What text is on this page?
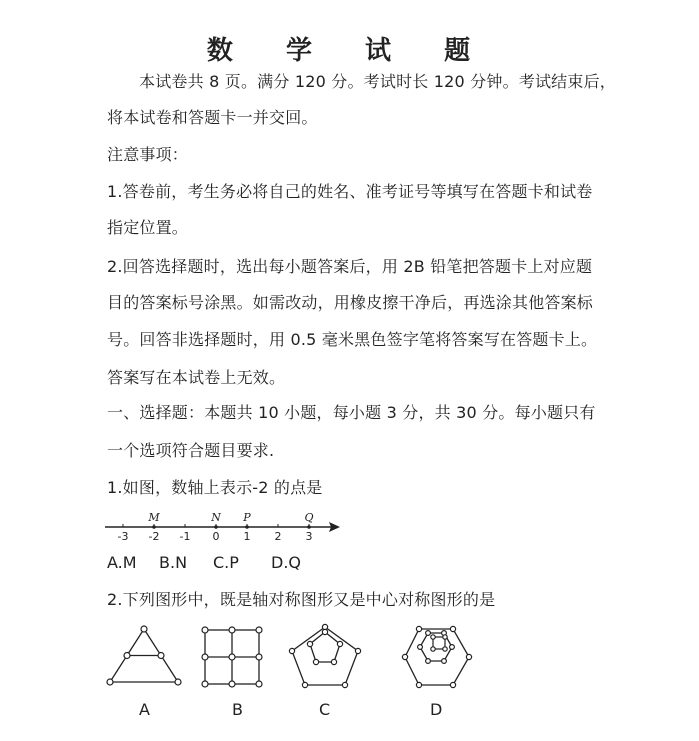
数 学 试 题
本试卷共 8 页。满分 120 分。考试时长 120 分钟。考试结束后，
将本试卷和答题卡一并交回。
注意事项：
1.答卷前，考生务必将自己的姓名、准考证号等填写在答题卡和试卷
指定位置。
2.回答选择题时，选出每小题答案后，用 2B 铅笔把答题卡上对应题
目的答案标号涂黑。如需改动，用橡皮擦干净后，再选涂其他答案标
号。回答非选择题时，用 0.5 毫米黑色签字笔将答案写在答题卡上。
答案写在本试卷上无效。
一、选择题：本题共 10 小题，每小题 3 分，共 30 分。每小题只有
一个选项符合题目要求.
1.如图，数轴上表示-2 的点是
-3 -2 -1 0 1 2 3
M	N P	Q
A.M B.N C.P D.Q
2.下列图形中，既是轴对称图形又是中心对称图形的是
A	B	C	D
